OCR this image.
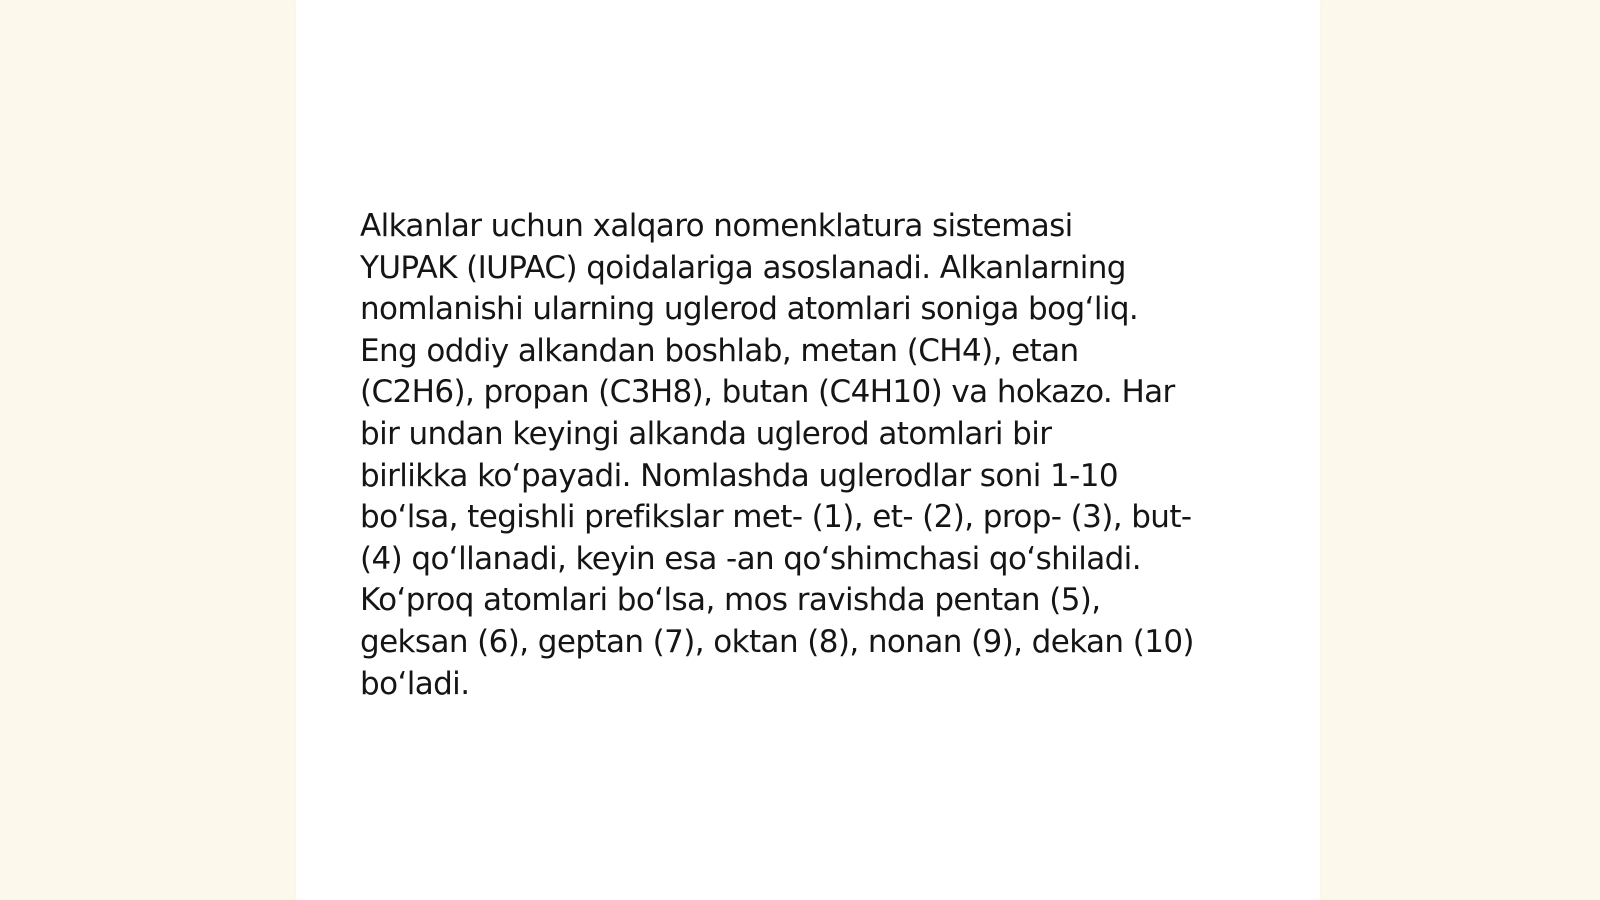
Alkanlar uchun xalqaro nomenklatura sistemasi
YUPAK (IUPAC) qoidalariga asoslanadi. Alkanlarning
nomlanishi ularning uglerod atomlari soniga bog‘liq.
Eng oddiy alkandan boshlab, metan (CH4), etan
(C2H6), propan (C3H8), butan (C4H10) va hokazo. Har
bir undan keyingi alkanda uglerod atomlari bir
birlikka ko‘payadi. Nomlashda uglerodlar soni 1-10
bo‘lsa, tegishli prefikslar met- (1), et- (2), prop- (3), but-
(4) qo‘llanadi, keyin esa -an qo‘shimchasi qo‘shiladi.
Ko‘proq atomlari bo‘lsa, mos ravishda pentan (5),
geksan (6), geptan (7), oktan (8), nonan (9), dekan (10)
bo‘ladi.
